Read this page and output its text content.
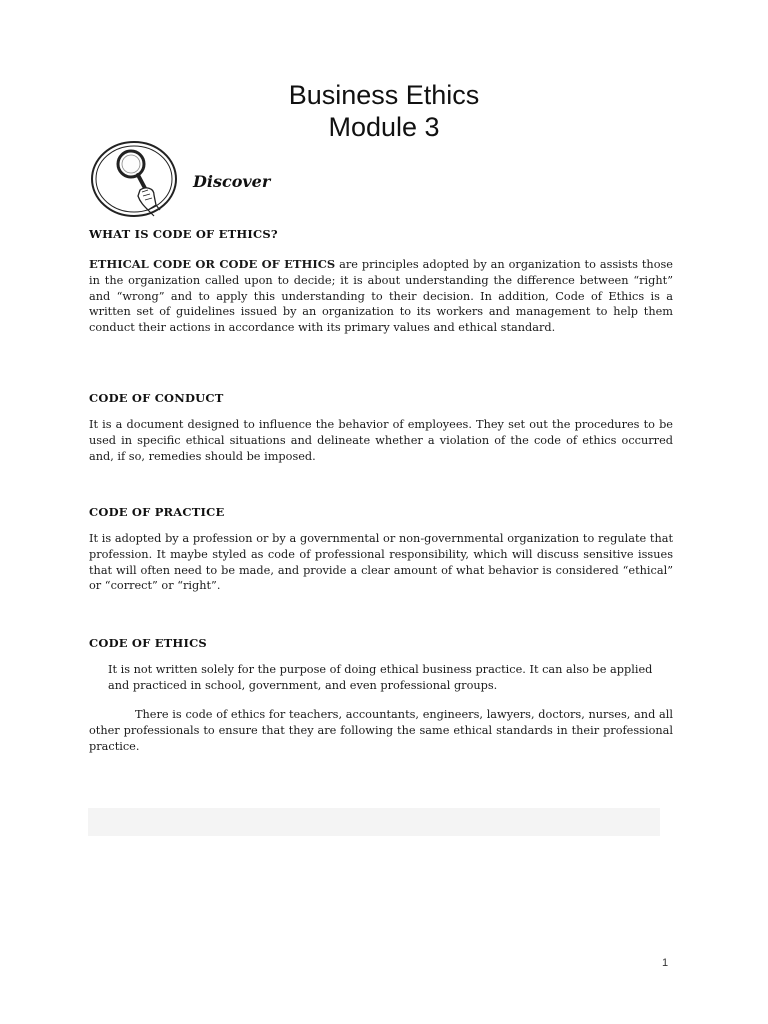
Business Ethics
Module 3
Discover
WHAT IS CODE OF ETHICS?
ETHICAL CODE OR CODE OF ETHICS are principles adopted by an organization to assists those in the organization called upon to decide; it is about understanding the difference between “right” and “wrong” and to apply this understanding to their decision. In addition, Code of Ethics is a written set of guidelines issued by an organization to its workers and management to help them conduct their actions in accordance with its primary values and ethical standard.
CODE OF CONDUCT
It is a document designed to influence the behavior of employees. They set out the procedures to be used in specific ethical situations and delineate whether a violation of the code of ethics occurred and, if so, remedies should be imposed.
CODE OF PRACTICE
It is adopted by a profession or by a governmental or non-governmental organization to regulate that profession. It maybe styled as code of professional responsibility, which will discuss sensitive issues that will often need to be made, and provide a clear amount of what behavior is considered “ethical” or “correct” or “right”.
CODE OF ETHICS
It is not written solely for the purpose of doing ethical business practice. It can also be applied and practiced in school, government, and even professional groups.
There is code of ethics for teachers, accountants, engineers, lawyers, doctors, nurses, and all other professionals to ensure that they are following the same ethical standards in their professional practice.
1
